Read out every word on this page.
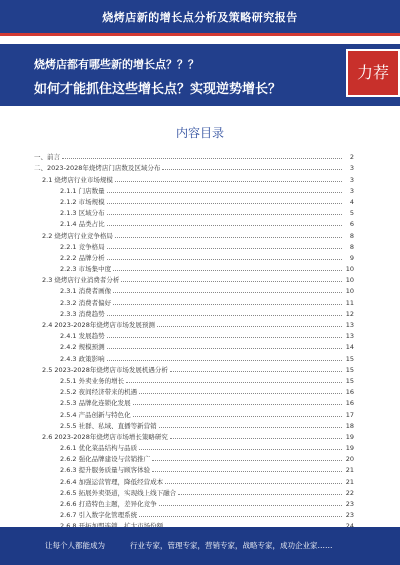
烧烤店新的增长点分析及策略研究报告
烧烤店都有哪些新的增长点？？？
如何才能抓住这些增长点？实现逆势增长？
力荐
内容目录
一、前言	2
二、2023-2028年烧烤店门店数及区域分布	3
2.1 烧烤店行业市场规模	3
2.1.1 门店数量	3
2.1.2 市场规模	4
2.1.3 区域分布	5
2.1.4 品类占比	6
2.2 烧烤店行业竞争格局	8
2.2.1 竞争格局	8
2.2.2 品牌分析	9
2.2.3 市场集中度	10
2.3 烧烤店行业消费者分析	10
2.3.1 消费者画像	10
2.3.2 消费者偏好	11
2.3.3 消费趋势	12
2.4 2023-2028年烧烤店市场发展预测	13
2.4.1 发展趋势	13
2.4.2 规模预测	14
2.4.3 政策影响	15
2.5 2023-2028年烧烤店市场发展机遇分析	15
2.5.1 外卖业务的增长	15
2.5.2 夜间经济带来的机遇	16
2.5.3 品牌化连锁化发展	16
2.5.4 产品创新与特色化	17
2.5.5 社群、私域、直播等新营销	18
2.6 2023-2028年烧烤店市场增长策略研究	19
2.6.1 优化菜品结构与品质	19
2.6.2 强化品牌建设与营销推广	20
2.6.3 提升服务质量与顾客体验	21
2.6.4 加强运营管理，降低经营成本	21
2.6.5 拓展外卖渠道，实现线上线下融合	22
2.6.6 打造特色主题，差异化竞争	23
2.6.7 引入数字化管理系统	23
让每个人都能成为	行业专家，管理专家，营销专家，战略专家，成功企业家……
